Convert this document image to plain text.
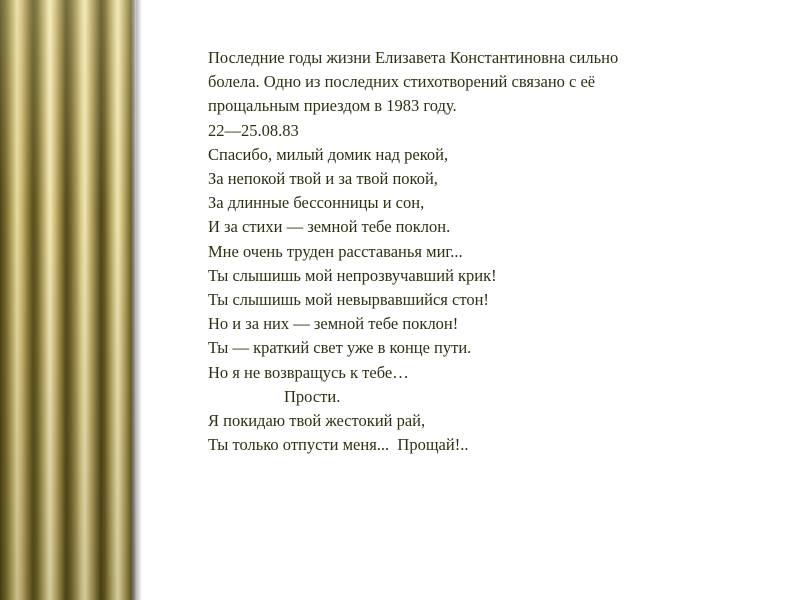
Последние годы жизни Елизавета Константиновна сильно
болела. Одно из последних стихотворений связано с её
прощальным приездом в 1983 году.
22—25.08.83
Спасибо, милый домик над рекой,
За непокой твой и за твой покой,
За длинные бессонницы и сон,
И за стихи — земной тебе поклон.
Мне очень труден расставанья миг...
Ты слышишь мой непрозвучавший крик!
Ты слышишь мой невырвавшийся стон!
Но и за них — земной тебе поклон!
Ты — краткий свет уже в конце пути.
Но я не возвращусь к тебе…
Прости.
Я покидаю твой жестокий рай,
Ты только отпусти меня...  Прощай!..
